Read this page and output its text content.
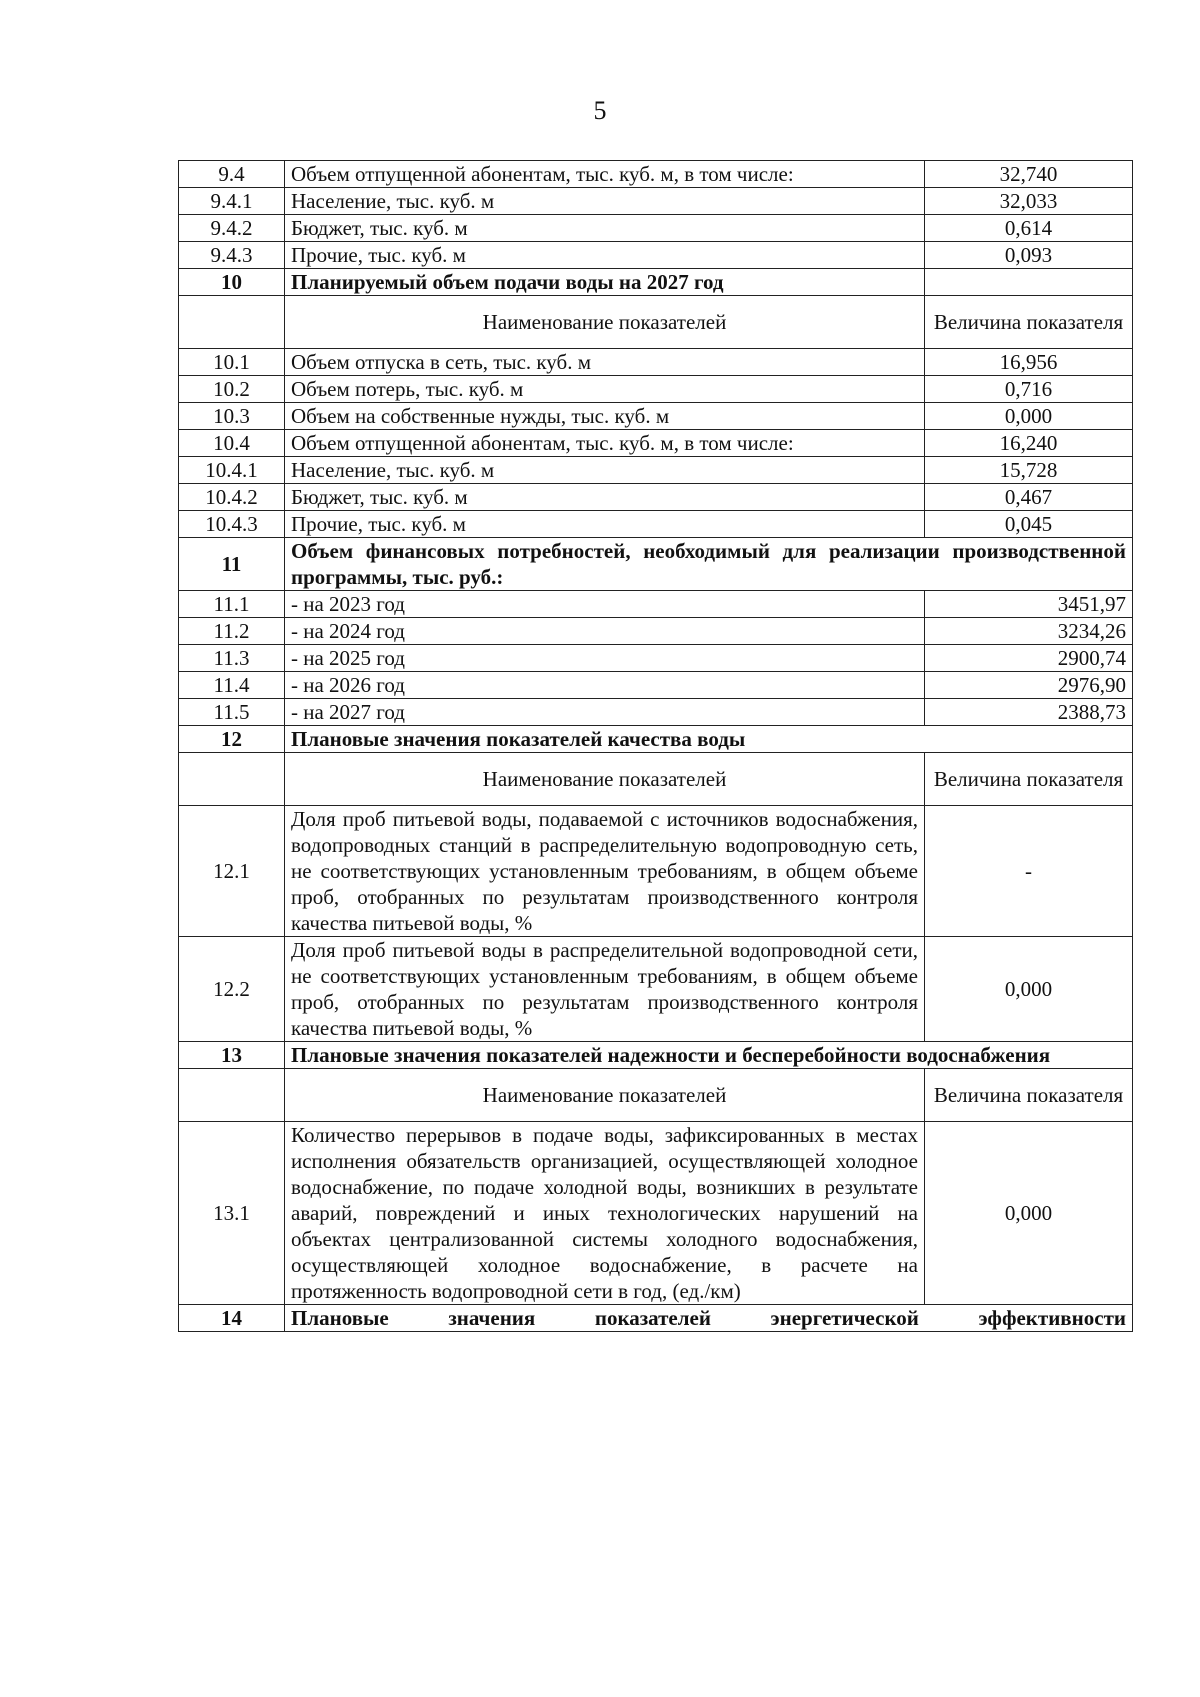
5
9.4	Объем отпущенной абонентам, тыс. куб. м, в том числе:	32,740
9.4.1	Население, тыс. куб. м	32,033
9.4.2	Бюджет, тыс. куб. м	0,614
9.4.3	Прочие, тыс. куб. м	0,093
10	Планируемый объем подачи воды на 2027 год	
	Наименование показателей	Величина показателя
10.1	Объем отпуска в сеть, тыс. куб. м	16,956
10.2	Объем потерь, тыс. куб. м	0,716
10.3	Объем на собственные нужды, тыс. куб. м	0,000
10.4	Объем отпущенной абонентам, тыс. куб. м, в том числе:	16,240
10.4.1	Население, тыс. куб. м	15,728
10.4.2	Бюджет, тыс. куб. м	0,467
10.4.3	Прочие, тыс. куб. м	0,045
11	Объем финансовых потребностей, необходимый для реализации производственной программы, тыс. руб.:	
11.1	- на 2023 год	3451,97
11.2	- на 2024 год	3234,26
11.3	- на 2025 год	2900,74
11.4	- на 2026 год	2976,90
11.5	- на 2027 год	2388,73
12	Плановые значения показателей качества воды	
	Наименование показателей	Величина показателя
12.1	Доля проб питьевой воды, подаваемой с источников водоснабжения, водопроводных станций в распределительную водопроводную сеть, не соответствующих установленным требованиям, в общем объеме проб, отобранных по результатам производственного контроля качества питьевой воды, %	-
12.2	Доля проб питьевой воды в распределительной водопроводной сети, не соответствующих установленным требованиям, в общем объеме проб, отобранных по результатам производственного контроля качества питьевой воды, %	0,000
13	Плановые значения показателей надежности и бесперебойности водоснабжения	
	Наименование показателей	Величина показателя
13.1	Количество перерывов в подаче воды, зафиксированных в местах исполнения обязательств организацией, осуществляющей холодное водоснабжение, по подаче холодной воды, возникших в результате аварий, повреждений и иных технологических нарушений на объектах централизованной системы холодного водоснабжения, осуществляющей холодное водоснабжение, в расчете на протяженность водопроводной сети в год, (ед./км)	0,000
14	Плановые значения показателей энергетической эффективности	
